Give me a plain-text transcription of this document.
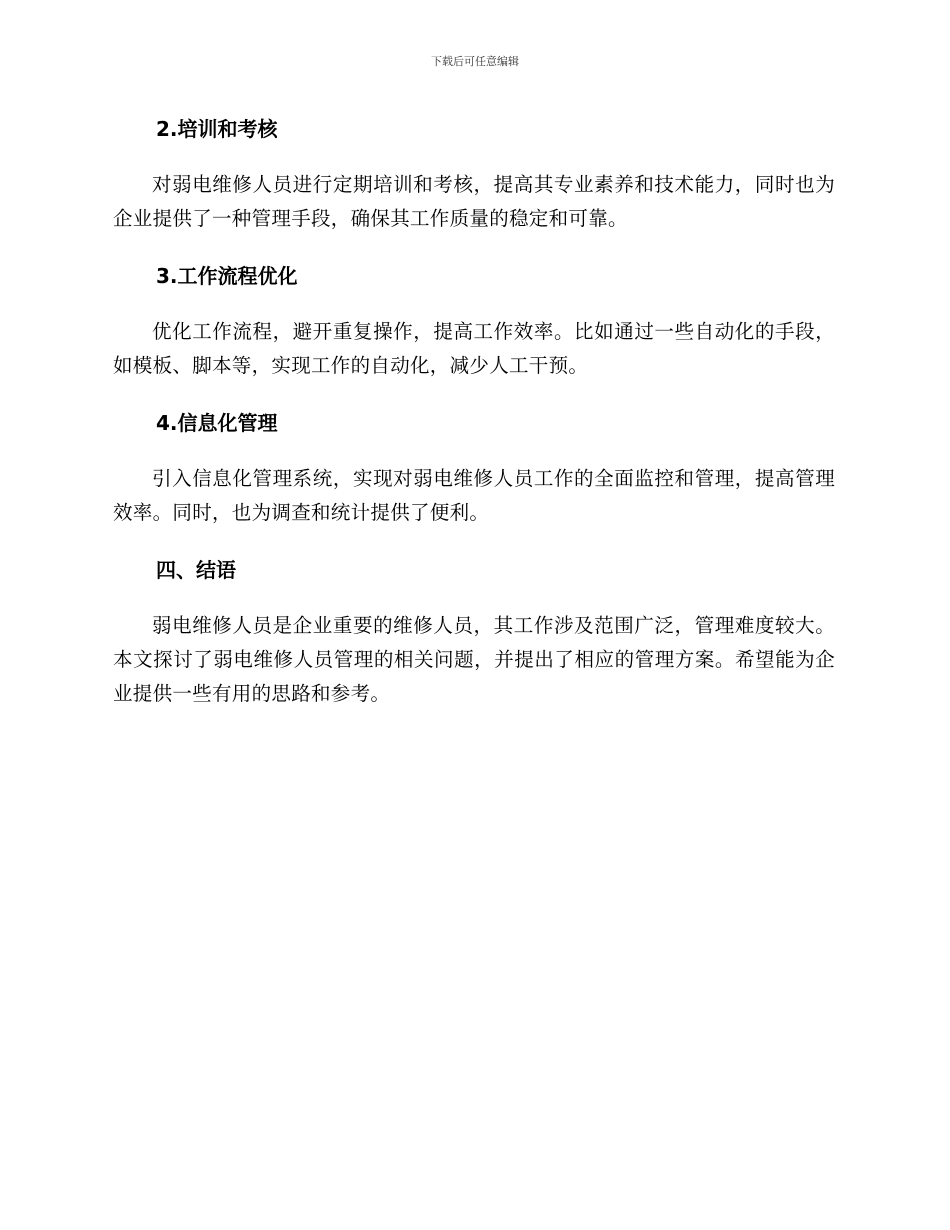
下载后可任意编辑
2.培训和考核

对弱电维修人员进行定期培训和考核，提高其专业素养和技术能力，同时也为企业提供了一种管理手段，确保其工作质量的稳定和可靠。

3.工作流程优化

优化工作流程，避开重复操作，提高工作效率。比如通过一些自动化的手段，如模板、脚本等，实现工作的自动化，减少人工干预。

4.信息化管理

引入信息化管理系统，实现对弱电维修人员工作的全面监控和管理，提高管理效率。同时，也为调查和统计提供了便利。

四、结语

弱电维修人员是企业重要的维修人员，其工作涉及范围广泛，管理难度较大。本文探讨了弱电维修人员管理的相关问题，并提出了相应的管理方案。希望能为企业提供一些有用的思路和参考。
